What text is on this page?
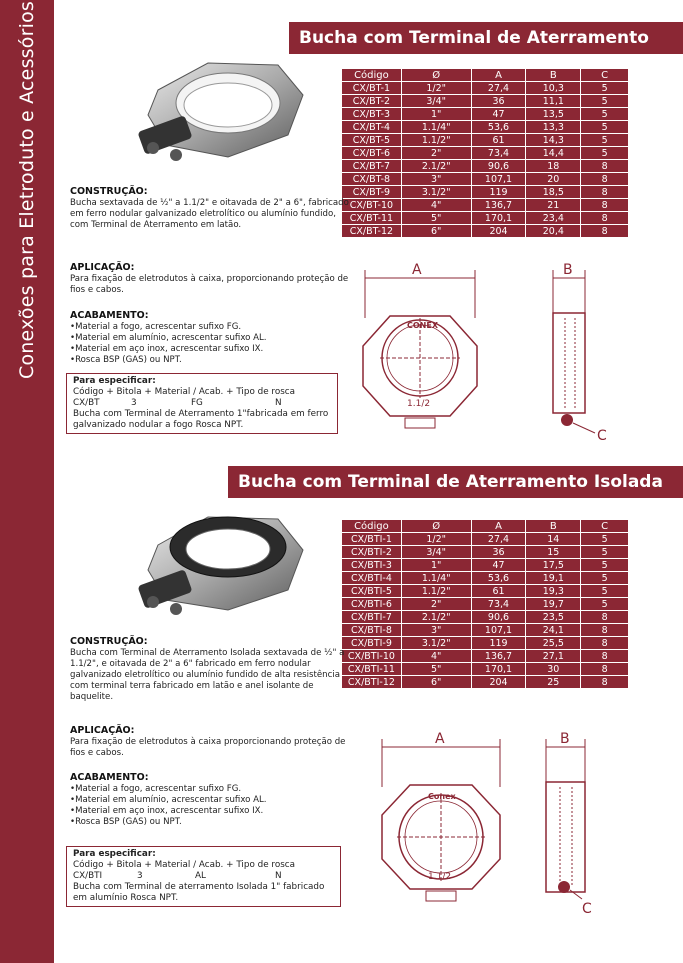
Conexões para Eletroduto e Acessórios	Bucha com Terminal de Aterramento
Código	Ø	A	B	C
CX/BT-1	1/2"	27,4	10,3	5
CX/BT-2	3/4"	36	11,1	5
CX/BT-3	1"	47	13,5	5
CX/BT-4	1.1/4"	53,6	13,3	5
CX/BT-5	1.1/2"	61	14,3	5
CX/BT-6	2"	73,4	14,4	5
CX/BT-7	2.1/2"	90,6	18	8
CX/BT-8	3"	107,1	20	8
CX/BT-9	3.1/2"	119	18,5	8
CX/BT-10	4"	136,7	21	8
CX/BT-11	5"	170,1	23,4	8
CX/BT-12	6"	204	20,4	8
CONSTRUÇÃO:

Bucha sextavada de ½" a 1.1/2" e oitavada de 2" a 6", fabricado em ferro nodular galvanizado eletrolítico ou alumínio fundido, com Terminal de Aterramento em latão.

APLICAÇÃO:

Para fixação de eletrodutos à caixa, proporcionando proteção de fios e cabos.

ACABAMENTO:
• Material a fogo, acrescentar sufixo FG.
• Material em alumínio, acrescentar sufixo AL.
• Material em aço inox, acrescentar sufixo IX.
• Rosca BSP (GAS) ou NPT.
Para especificar:
Código + Bitola + Material / Acab. + Tipo de rosca
CX/BT	3	FG	N
Bucha com Terminal de Aterramento 1"fabricada em ferro galvanizado nodular a fogo Rosca NPT.
A
CONEX
1.1/2
B
C
Bucha com Terminal de Aterramento Isolada
Código	Ø	A	B	C
CX/BTI-1	1/2"	27,4	14	5
CX/BTI-2	3/4"	36	15	5
CX/BTI-3	1"	47	17,5	5
CX/BTI-4	1.1/4"	53,6	19,1	5
CX/BTI-5	1.1/2"	61	19,3	5
CX/BTI-6	2"	73,4	19,7	5
CX/BTI-7	2.1/2"	90,6	23,5	8
CX/BTI-8	3"	107,1	24,1	8
CX/BTI-9	3.1/2"	119	25,5	8
CX/BTI-10	4"	136,7	27,1	8
CX/BTI-11	5"	170,1	30	8
CX/BTI-12	6"	204	25	8
CONSTRUÇÃO:

Bucha com Terminal de Aterramento Isolada sextavada de ½" a 1.1/2", e oitavada de 2" a 6" fabricado em ferro nodular galvanizado eletrolítico ou alumínio fundido de alta resistência com terminal terra fabricado em latão e anel isolante de baquelite.

APLICAÇÃO:

Para fixação de eletrodutos à caixa proporcionando proteção de fios e cabos.

ACABAMENTO:
• Material a fogo, acrescentar sufixo FG.
• Material em alumínio, acrescentar sufixo AL.
• Material em aço inox, acrescentar sufixo IX.
• Rosca BSP (GAS) ou NPT.
Para especificar:
Código + Bitola + Material / Acab. + Tipo de rosca
CX/BTI	3	AL	N
Bucha com Terminal de aterramento Isolada 1" fabricado em alumínio Rosca NPT.
A
Conex
1.1/2
B
C
